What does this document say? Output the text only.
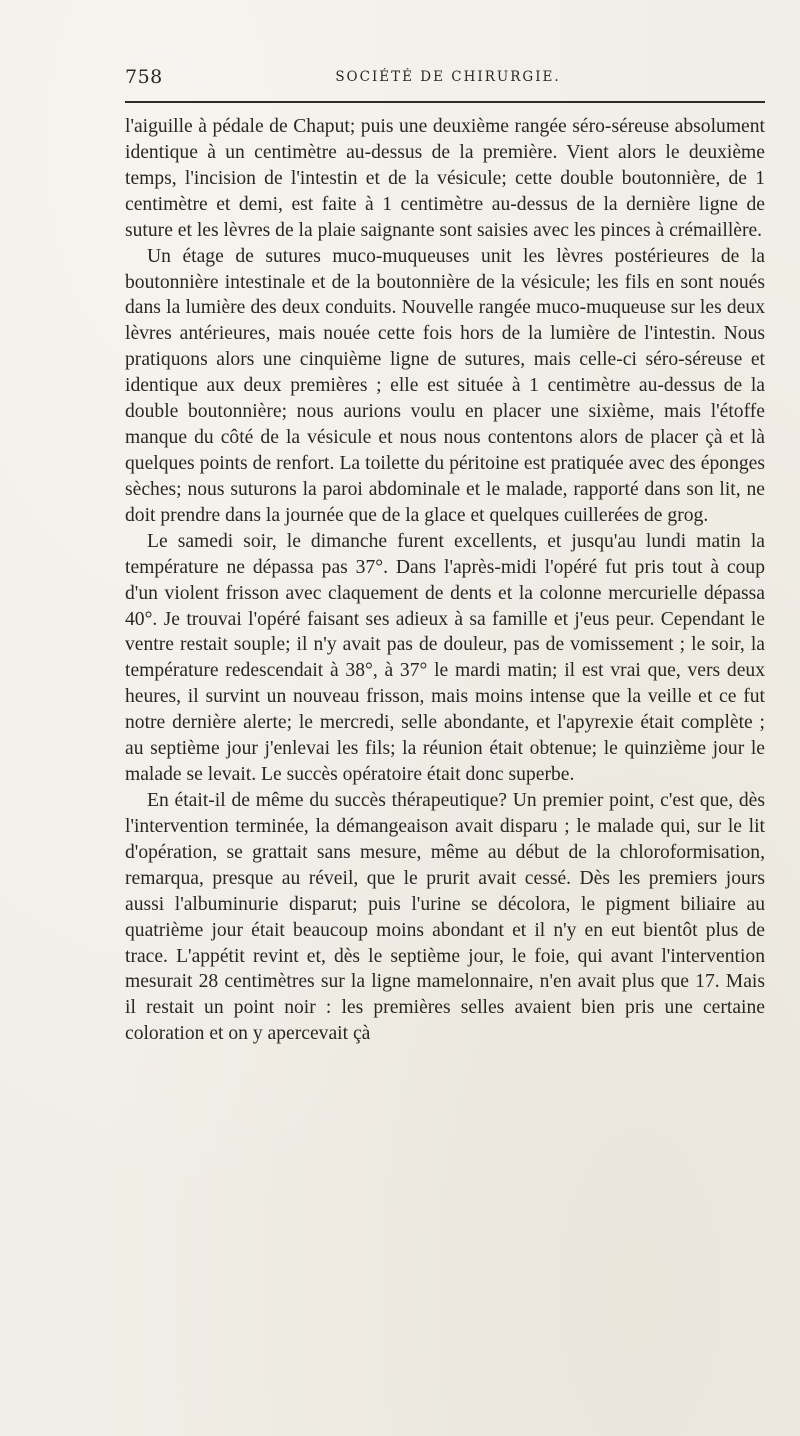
758	SOCIÉTÉ DE CHIRURGIE.

l'aiguille à pédale de Chaput; puis une deuxième rangée séro-séreuse absolument identique à un centimètre au-dessus de la première. Vient alors le deuxième temps, l'incision de l'intestin et de la vésicule; cette double boutonnière, de 1 centimètre et demi, est faite à 1 centimètre au-dessus de la dernière ligne de suture et les lèvres de la plaie saignante sont saisies avec les pinces à crémaillère.

Un étage de sutures muco-muqueuses unit les lèvres postérieures de la boutonnière intestinale et de la boutonnière de la vésicule; les fils en sont noués dans la lumière des deux conduits. Nouvelle rangée muco-muqueuse sur les deux lèvres antérieures, mais nouée cette fois hors de la lumière de l'intestin. Nous pratiquons alors une cinquième ligne de sutures, mais celle-ci séro-séreuse et identique aux deux premières ; elle est située à 1 centimètre au-dessus de la double boutonnière; nous aurions voulu en placer une sixième, mais l'étoffe manque du côté de la vésicule et nous nous contentons alors de placer çà et là quelques points de renfort. La toilette du péritoine est pratiquée avec des éponges sèches; nous suturons la paroi abdominale et le malade, rapporté dans son lit, ne doit prendre dans la journée que de la glace et quelques cuillerées de grog.

Le samedi soir, le dimanche furent excellents, et jusqu'au lundi matin la température ne dépassa pas 37°. Dans l'après-midi l'opéré fut pris tout à coup d'un violent frisson avec claquement de dents et la colonne mercurielle dépassa 40°. Je trouvai l'opéré faisant ses adieux à sa famille et j'eus peur. Cependant le ventre restait souple; il n'y avait pas de douleur, pas de vomissement ; le soir, la température redescendait à 38°, à 37° le mardi matin; il est vrai que, vers deux heures, il survint un nouveau frisson, mais moins intense que la veille et ce fut notre dernière alerte; le mercredi, selle abondante, et l'apyrexie était complète ; au septième jour j'enlevai les fils; la réunion était obtenue; le quinzième jour le malade se levait. Le succès opératoire était donc superbe.

En était-il de même du succès thérapeutique? Un premier point, c'est que, dès l'intervention terminée, la démangeaison avait disparu ; le malade qui, sur le lit d'opération, se grattait sans mesure, même au début de la chloroformisation, remarqua, presque au réveil, que le prurit avait cessé. Dès les premiers jours aussi l'albuminurie disparut; puis l'urine se décolora, le pigment biliaire au quatrième jour était beaucoup moins abondant et il n'y en eut bientôt plus de trace. L'appétit revint et, dès le septième jour, le foie, qui avant l'intervention mesurait 28 centimètres sur la ligne mamelonnaire, n'en avait plus que 17. Mais il restait un point noir : les premières selles avaient bien pris une certaine coloration et on y apercevait çà
